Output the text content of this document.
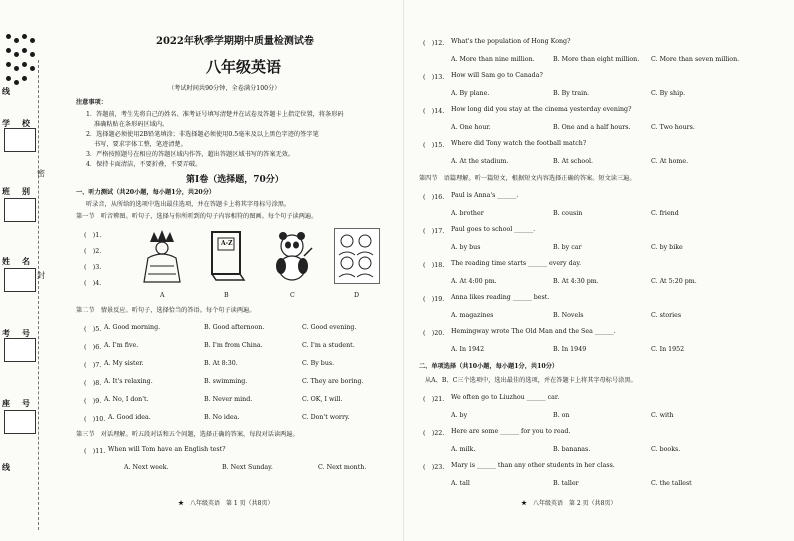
线
学 校
密
班 别
姓 名
封
考 号
座 号
线
2022年秋季学期期中质量检测试卷
八年级英语
（考试时间共90分钟，全卷满分100分）
注意事项：
1．答题前，考生先将自己的姓名、准考证号填写清楚并在试卷及答题卡上指定位置，将条形码
准确粘贴在条形码区域内。
2．选择题必须使用2B铅笔填涂；非选择题必须使用0.5毫米及以上黑色字迹的签字笔
书写，要求字体工整，笔迹清楚。
3．严格按照题号在相应的答题区域内作答，超出答题区域书写的答案无效。
4．保持卡面清洁，不要折叠，不要弄破。
第Ⅰ卷（选择题，70分）
一、听力测试（共20小题，每小题1分，共20分）
听录音，从所给的选项中选出最佳选项，并在答题卡上将其字母标号涂黑。
第一节　听音辨图。听句子，选择与你所听到的句子内容相符的图画。每个句子读两遍。
(　)1.
(　)2.
(　)3.
(　)4.
A-Z
A	B	C	D
第二节　情景反应。听句子，选择恰当的答语。每个句子读两遍。
(　)5. A. Good morning.	B. Good afternoon.	C. Good evening.
(　)6. A. I'm five.	B. I'm from China.	C. I'm a student.
(　)7. A. My sister.	B. At 8:30.	C. By bus.
(　)8. A. It's relaxing.	B. swimming.	C. They are boring.
(　)9. A. No, I don't.	B. Never mind.	C. OK, I will.
(　)10. A. Good idea.	B. No idea.	C. Don't worry.
第三节　对话理解。听五段对话和五个问题，选择正确的答案，每段对话读两遍。
(　)11. When will Tom have an English test?
A. Next week.	B. Next Sunday.	C. Next month.
★　八年级英语　第 1 页（共8页）
(　)12. What's the population of Hong Kong?
A. More than nine million.	B. More than eight million. C. More than seven million.
(　)13. How will Sam go to Canada?
A. By plane.	B. By train.	C. By ship.
(　)14. How long did you stay at the cinema yesterday evening?
A. One hour.	B. One and a half hours.	C. Two hours.
(　)15. Where did Tony watch the football match?
A. At the stadium.	B. At school.	C. At home.
第四节　语篇理解。听一篇短文，根据短文内容选择正确的答案。短文读三遍。
(　)16. Paul is Anna's ______.
A. brother	B. cousin	C. friend
(　)17. Paul goes to school ______.
A. by bus	B. by car	C. by bike
(　)18. The reading time starts ______ every day.
A. At 4:00 pm.	B. At 4:30 pm.	C. At 5:20 pm.
(　)19. Anna likes reading ______ best.
A. magazines	B. Novels	C. stories
(　)20. Hemingway wrote The Old Man and the Sea ______.
A. In 1942	B. In 1949	C. In 1952
二、单项选择（共10小题，每小题1分，共10分）
从A、B、C三个选项中，选出最佳的选项，并在答题卡上将其字母标号涂黑。
(　)21. We often go to Liuzhou ______ car.
A. by	B. on	C. with
(　)22. Here are some ______ for you to read.
A. milk.	B. bananas.	C. books.
(　)23. Mary is ______ than any other students in her class.
A. tall	B. taller	C. the tallest
★　八年级英语　第 2 页（共8页）
